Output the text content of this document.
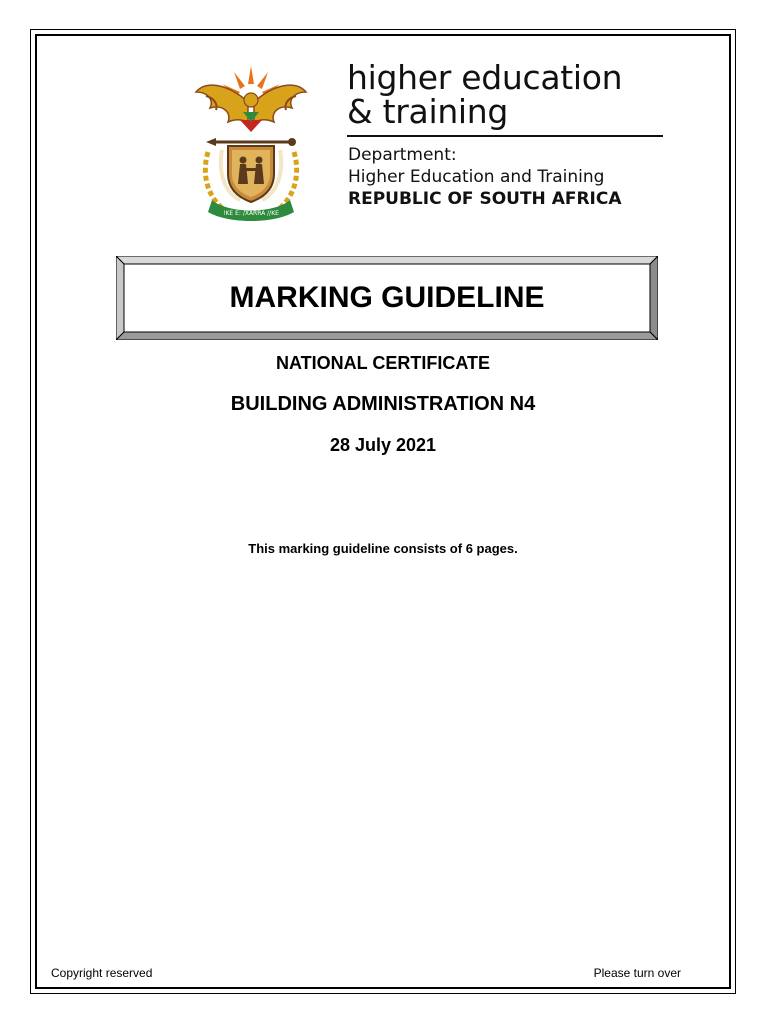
!KE E: /XARRA //KE
higher education
& training
Department:
Higher Education and Training
REPUBLIC OF SOUTH AFRICA
MARKING GUIDELINE
NATIONAL CERTIFICATE
BUILDING ADMINISTRATION N4
28 July 2021
This marking guideline consists of 6 pages.
Copyright reserved	Please turn over
